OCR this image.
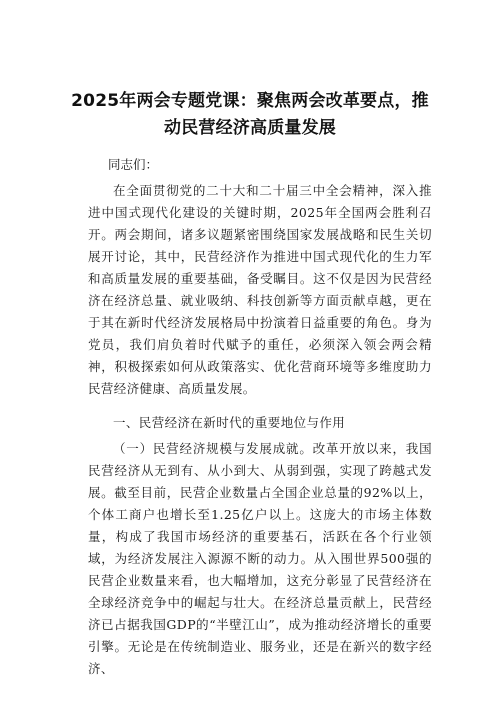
2025年两会专题党课：聚焦两会改革要点，推
动民营经济高质量发展
同志们：

在全面贯彻党的二十大和二十届三中全会精神，深入推进中国式现代化建设的关键时期，2025年全国两会胜利召开。两会期间，诸多议题紧密围绕国家发展战略和民生关切展开讨论，其中，民营经济作为推进中国式现代化的生力军和高质量发展的重要基础，备受瞩目。这不仅是因为民营经济在经济总量、就业吸纳、科技创新等方面贡献卓越，更在于其在新时代经济发展格局中扮演着日益重要的角色。身为党员，我们肩负着时代赋予的重任，必须深入领会两会精神，积极探索如何从政策落实、优化营商环境等多维度助力民营经济健康、高质量发展。

一、民营经济在新时代的重要地位与作用

（一）民营经济规模与发展成就。改革开放以来，我国民营经济从无到有、从小到大、从弱到强，实现了跨越式发展。截至目前，民营企业数量占全国企业总量的92%以上，个体工商户也增长至1.25亿户以上。这庞大的市场主体数量，构成了我国市场经济的重要基石，活跃在各个行业领域，为经济发展注入源源不断的动力。从入围世界500强的民营企业数量来看，也大幅增加，这充分彰显了民营经济在全球经济竞争中的崛起与壮大。在经济总量贡献上，民营经济已占据我国GDP的“半壁江山”，成为推动经济增长的重要引擎。无论是在传统制造业、服务业，还是在新兴的数字经济、
